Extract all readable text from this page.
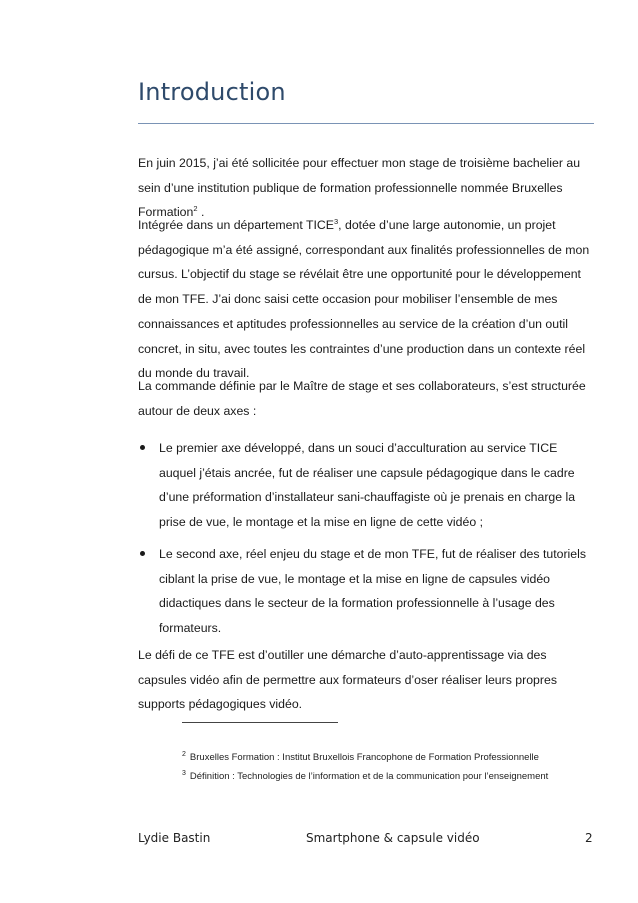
Introduction
En juin 2015, j’ai été sollicitée pour effectuer mon stage de troisième bachelier au sein d’une institution publique de formation professionnelle nommée Bruxelles Formation$^2$ .
Intégrée dans un département TICE$^3$, dotée d’une large autonomie, un projet pédagogique m’a été assigné, correspondant aux finalités professionnelles de mon cursus. L’objectif du stage se révélait être une opportunité pour le développement de mon TFE. J’ai donc saisi cette occasion pour mobiliser l’ensemble de mes connaissances et aptitudes professionnelles au service de la création d’un outil concret, in situ, avec toutes les contraintes d’une production dans un contexte réel du monde du travail.
La commande définie par le Maître de stage et ses collaborateurs, s’est structurée autour de deux axes :
Le premier axe développé, dans un souci d’acculturation au service TICE auquel j’étais ancrée, fut de réaliser une capsule pédagogique dans le cadre d’une préformation d’installateur sani-chauffagiste où je prenais en charge la prise de vue, le montage et la mise en ligne de cette vidéo ;
Le second axe, réel enjeu du stage et de mon TFE, fut de réaliser des tutoriels ciblant la prise de vue, le montage et la mise en ligne de capsules vidéo didactiques dans le secteur de la formation professionnelle à l’usage des formateurs.
Le défi de ce TFE est d’outiller une démarche d’auto-apprentissage via des capsules vidéo afin de permettre aux formateurs d’oser réaliser leurs propres supports pédagogiques vidéo.
$^2$ Bruxelles Formation : Institut Bruxellois Francophone de Formation Professionnelle
$^3$ Définition : Technologies de l’information et de la communication pour l’enseignement
Lydie Bastin	Smartphone & capsule vidéo	2
